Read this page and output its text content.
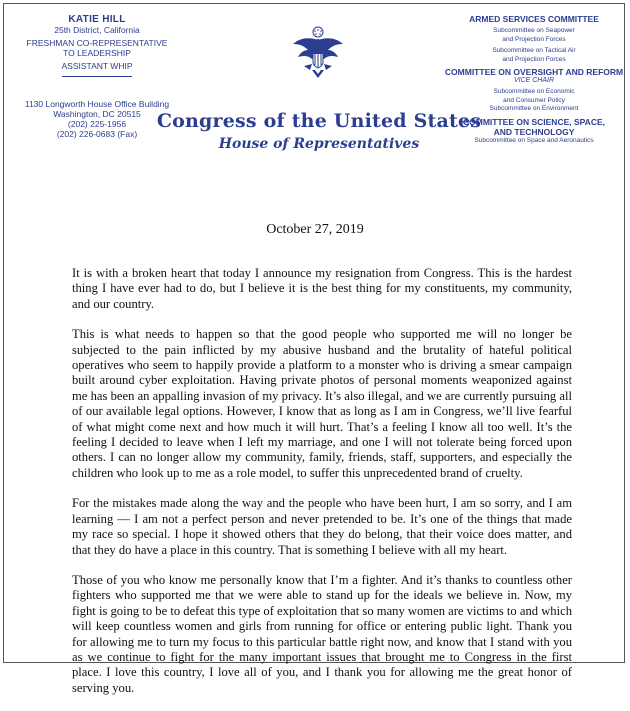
KATIE HILL
25th District, California
FRESHMAN CO-REPRESENTATIVE
TO LEADERSHIP
ASSISTANT WHIP
1130 Longworth House Office Building
Washington, DC 20515
(202) 225-1956
(202) 226-0683 (Fax)
Congress of the United States
House of Representatives
ARMED SERVICES COMMITTEE
Subcommittee on Seapower
and Projection Forces
Subcommittee on Tactical Air
and Projection Forces
COMMITTEE ON OVERSIGHT AND REFORM
VICE CHAIR
Subcommittee on Economic
and Consumer Policy
Subcommittee on Environment
COMMITTEE ON SCIENCE, SPACE,
AND TECHNOLOGY
Subcommittee on Space and Aeronautics
October 27, 2019

It is with a broken heart that today I announce my resignation from Congress. This is the hardest thing I have ever had to do, but I believe it is the best thing for my constituents, my community, and our country.

This is what needs to happen so that the good people who supported me will no longer be subjected to the pain inflicted by my abusive husband and the brutality of hateful political operatives who seem to happily provide a platform to a monster who is driving a smear campaign built around cyber exploitation. Having private photos of personal moments weaponized against me has been an appalling invasion of my privacy. It’s also illegal, and we are currently pursuing all of our available legal options. However, I know that as long as I am in Congress, we’ll live fearful of what might come next and how much it will hurt. That’s a feeling I know all too well. It’s the feeling I decided to leave when I left my marriage, and one I will not tolerate being forced upon others. I can no longer allow my community, family, friends, staff, supporters, and especially the children who look up to me as a role model, to suffer this unprecedented brand of cruelty.

For the mistakes made along the way and the people who have been hurt, I am so sorry, and I am learning — I am not a perfect person and never pretended to be. It’s one of the things that made my race so special. I hope it showed others that they do belong, that their voice does matter, and that they do have a place in this country. That is something I believe with all my heart.

Those of you who know me personally know that I’m a fighter. And it’s thanks to countless other fighters who supported me that we were able to stand up for the ideals we believe in. Now, my fight is going to be to defeat this type of exploitation that so many women are victims to and which will keep countless women and girls from running for office or entering public light. Thank you for allowing me to turn my focus to this particular battle right now, and know that I stand with you as we continue to fight for the many important issues that brought me to Congress in the first place. I love this country, I love all of you, and I thank you for allowing me the great honor of serving you.
